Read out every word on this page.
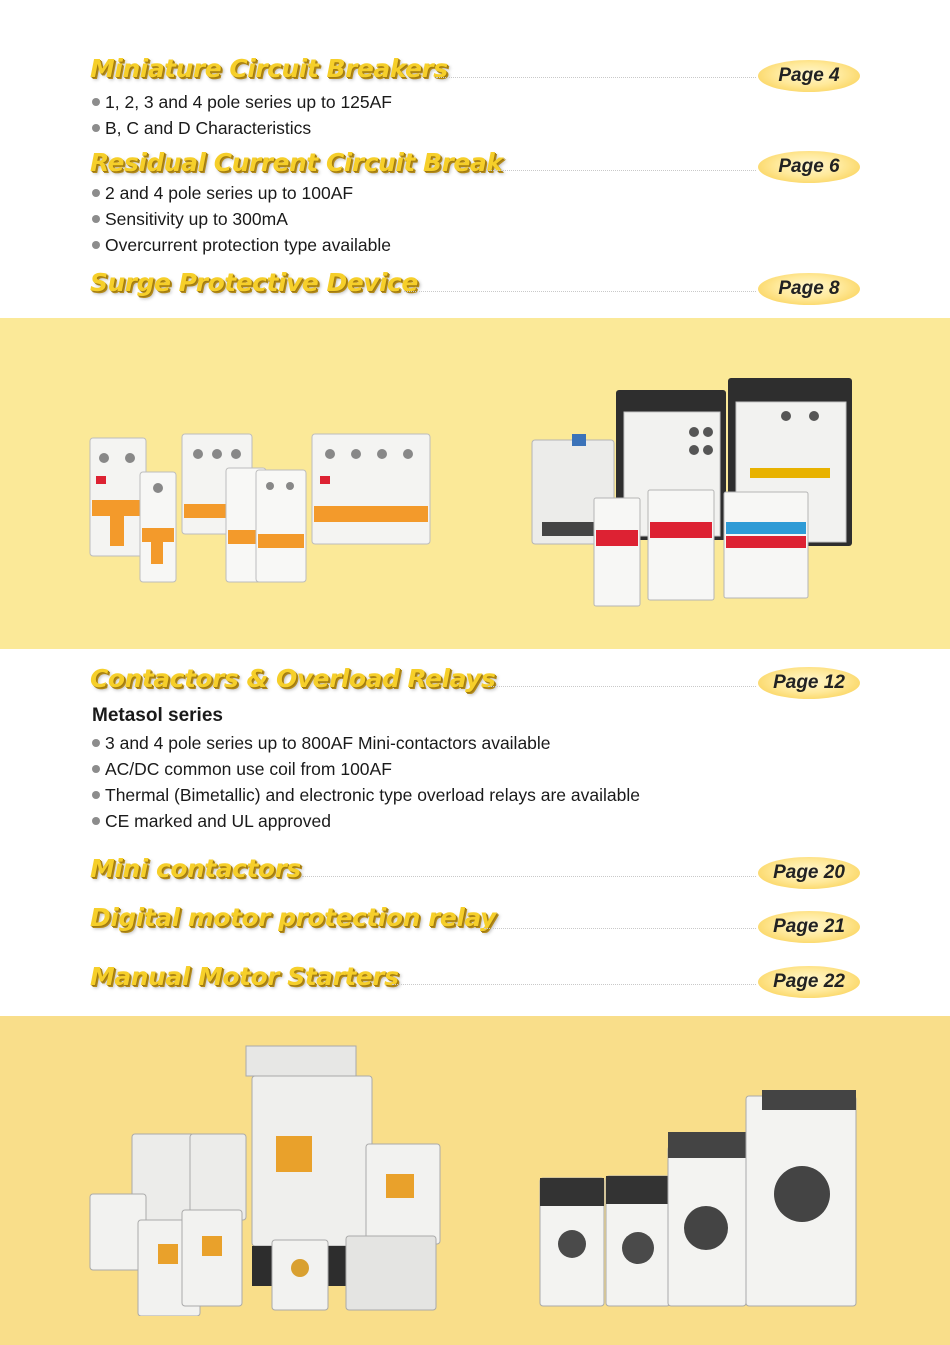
Miniature Circuit Breakers	Page 4
1, 2, 3 and 4 pole series up to 125AF
B, C and D Characteristics
Residual Current Circuit Break	Page 6
2 and 4 pole series up to 100AF
Sensitivity up to 300mA
Overcurrent protection type available
Surge Protective Device	Page 8
Contactors & Overload Relays	Page 12
Metasol series
3 and 4 pole series up to 800AF Mini-contactors available
AC/DC common use coil from 100AF
Thermal (Bimetallic) and electronic type overload relays are available
CE marked and UL approved
Mini contactors	Page 20
Digital motor protection relay	Page 21
Manual Motor Starters	Page 22
